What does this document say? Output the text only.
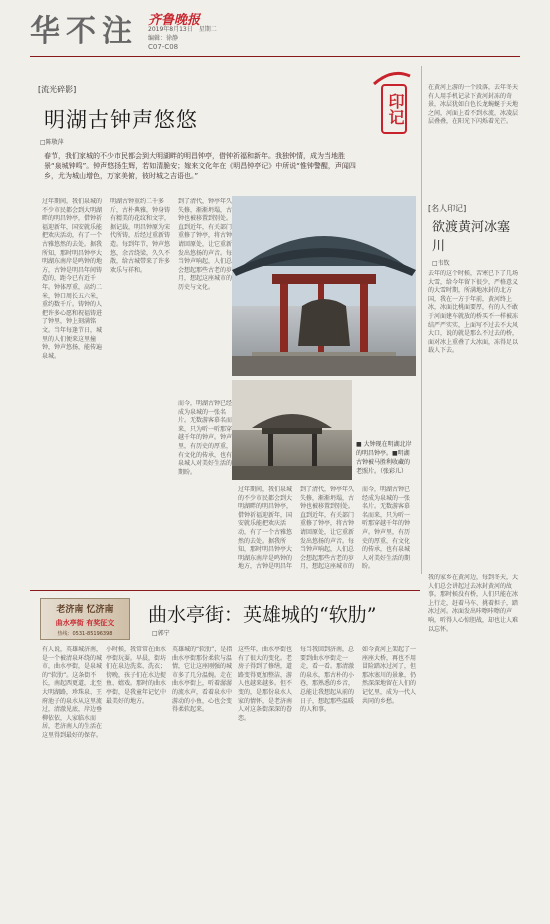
华不注 齐鲁晚报
2019年8月13日　星期二
编辑：徐静
C07-C08
[流光碎影]
明湖古钟声悠悠
□陈敬萍
春节，我们家城的不少市民都会到大明湖畔的明昌钟亭，借钟祈福和新年。我独钟情，成为当地胜景“泉城钟鸣”。钟声悠扬生辉，若如清脆安；嫁来文化年在《明昌钟亭记》中所说“惟钟警醒，声闻四乡，尤为城山增色，万家美俯，彼时城之吉语也。”
印记
过年期间，我们泉城的不少市民都会到大明湖畔的明昌钟亭，借钟祈福迎新年，国安就乐能把欢庆活动，有了一个古雅悠然的去处。据我所知，那时明昌钟亭大明湖东南岸是鸣钟的地方，古钟是明昌年间铸造的，距今已有近千年。钟体厚重，高约二米，钟口周长五六米，重约数千斤。铸钟的人把许多心愿和祝福铸进了钟里，钟上刻满铭文。当年每逢节日，城里的人们便来这里撞钟，钟声悠扬，能传遍泉城。
明湖古钟重约二千多斤，古朴典雅，钟身铸有精美的花纹和文字，据记载，明昌钟原为宋代所铸，后经过重新铸造。每到年节，钟声悠悠，余音绕梁，久久不散，给古城带来了许多欢乐与祥和。
到了清代，钟亭年久失修，渐渐坍塌，古钟也被移置到别处。直到近年，有关部门重修了钟亭，将古钟请回原处，让它重新发出悠扬的声音。每当钟声响起，人们总会想起那些古老的岁月，想起这座城市的历史与文化。
而今，明湖古钟已经成为泉城的一张名片。无数游客慕名而来，只为听一听那穿越千年的钟声。钟声里，有历史的厚重，有文化的传承，也有泉城人对美好生活的期盼。
■ 大钟现在明湖北岸的明昌钟亭。■明湖古钟被马胜利收藏的老照片。（张彩儿）
过年期间，我们泉城的不少市民都会到大明湖畔的明昌钟亭，借钟祈福迎新年，国安就乐能把欢庆活动，有了一个古雅悠然的去处。据我所知，那时明昌钟亭大明湖东南岸是鸣钟的地方，古钟是明昌年
到了清代，钟亭年久失修，渐渐坍塌，古钟也被移置到别处。直到近年，有关部门重修了钟亭，将古钟请回原处，让它重新发出悠扬的声音。每当钟声响起，人们总会想起那些古老的岁月，想起这座城市的
而今，明湖古钟已经成为泉城的一张名片。无数游客慕名而来，只为听一听那穿越千年的钟声。钟声里，有历史的厚重，有文化的传承，也有泉城人对美好生活的期盼。
在黄河上游的一个段落，去年冬天有人用手机记录下黄河封冻的奇景，冰层犹如白色长龙蜿蜒于天地之间，河面上看不到水流，冰凌层层叠叠，在阳光下闪烁着光芒。
[名人印记]
欲渡黄河冰塞川
□韦钦
去年的这个时候，苦寒已下了几场大雪，给今年留下很少，严格意义的大雪时期，所满地冰封的北方国，我在一方于年前，黄河终上冰，冰面比桃面要厚，有的人不敢于河面建车就放的桥买不一样被冻结严严实实，上面写不过去不大风大口，说的就是那么不过去的桥，面对冰上重叠了大冰面，冻得足以载人下去。
我的家乡在黄河边，每到冬天，大人们总会讲起过去冰封黄河的故事。那时候没有桥，人们只能在冰上行走，赶着马车、挑着担子，踏冰过河。冰面发出咔嚓咔嚓的声响，听得人心惊胆战，却也让人难以忘怀。
老济南 忆济南
曲水亭街 有奖征文
热线：0531-85196398
曲水亭街：英雄城的“软肋”
□郭宁
有人说，英雄城济南，是一个被清泉环绕的城市，曲水亭街，是泉城的“软肋”。这条街不长，南起西更道，北至大明湖路，珍珠泉、王府池子的泉水从这里流过，清澈见底，岸边垂柳依依，人家临水而居，老济南人的生活在这里得到最好的保存。
小时候，我常常在曲水亭街玩耍。早晨，街坊们在泉边洗菜、洗衣；傍晚，孩子们在水边捉鱼、嬉戏。那时的曲水亭街，是我童年记忆中最美好的地方。
英雄城的“软肋”，是指曲水亭街那份柔软与温情，它让这座刚强的城市多了几分温婉。走在曲水亭街上，听着潺潺的流水声，看着泉水中游动的小鱼，心也会变得柔软起来。
这些年，曲水亭街也有了很大的变化。老房子得到了修缮，道路变得更加整洁，游人也越来越多。但不变的，是那份泉水人家的情怀，是老济南人对这条街深深的眷恋。
每当我回到济南，总要到曲水亭街走一走，看一看。那清澈的泉水，那古朴的小巷，那熟悉的乡音，总能让我想起从前的日子，想起那些温暖的人和事。
如今黄河上架起了一座座大桥，再也不用冒险踏冰过河了，但那冰塞川的景象，仍然深深地留在人们的记忆里，成为一代人共同的乡愁。
